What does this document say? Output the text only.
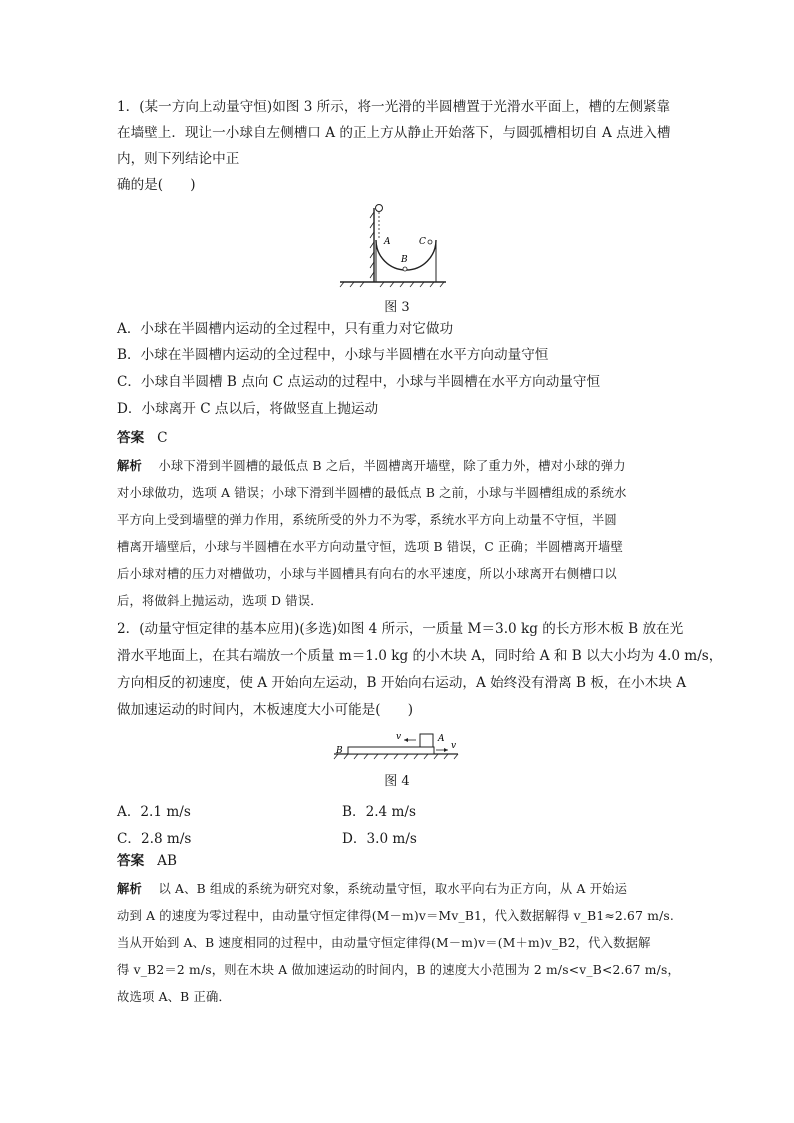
1．(某一方向上动量守恒)如图 3 所示，将一光滑的半圆槽置于光滑水平面上，槽的左侧紧靠
在墙壁上．现让一小球自左侧槽口 A 的正上方从静止开始落下，与圆弧槽相切自 A 点进入槽
内，则下列结论中正
确的是(　　)
A
B
C
图 3
A．小球在半圆槽内运动的全过程中，只有重力对它做功
B．小球在半圆槽内运动的全过程中，小球与半圆槽在水平方向动量守恒
C．小球自半圆槽 B 点向 C 点运动的过程中，小球与半圆槽在水平方向动量守恒
D．小球离开 C 点以后，将做竖直上抛运动
答案 C
解析 小球下滑到半圆槽的最低点 B 之后，半圆槽离开墙壁，除了重力外，槽对小球的弹力
对小球做功，选项 A 错误；小球下滑到半圆槽的最低点 B 之前，小球与半圆槽组成的系统水
平方向上受到墙壁的弹力作用，系统所受的外力不为零，系统水平方向上动量不守恒，半圆
槽离开墙壁后，小球与半圆槽在水平方向动量守恒，选项 B 错误，C 正确；半圆槽离开墙壁
后小球对槽的压力对槽做功，小球与半圆槽具有向右的水平速度，所以小球离开右侧槽口以
后，将做斜上抛运动，选项 D 错误．
2．(动量守恒定律的基本应用)(多选)如图 4 所示，一质量 M＝3.0 kg 的长方形木板 B 放在光
滑水平地面上，在其右端放一个质量 m＝1.0 kg 的小木块 A，同时给 A 和 B 以大小均为 4.0 m/s，
方向相反的初速度，使 A 开始向左运动，B 开始向右运动，A 始终没有滑离 B 板，在小木块 A
做加速运动的时间内，木板速度大小可能是(　　)
B
A
v
v
图 4
A．2.1 m/s	B．2.4 m/s
C．2.8 m/s	D．3.0 m/s
答案 AB
解析 以 A、B 组成的系统为研究对象，系统动量守恒，取水平向右为正方向，从 A 开始运
动到 A 的速度为零过程中，由动量守恒定律得(M－m)v＝Mv_B1，代入数据解得 v_B1≈2.67 m/s.
当从开始到 A、B 速度相同的过程中，由动量守恒定律得(M－m)v＝(M＋m)v_B2，代入数据解
得 v_B2＝2 m/s，则在木块 A 做加速运动的时间内，B 的速度大小范围为 2 m/s<v_B<2.67 m/s，
故选项 A、B 正确．
